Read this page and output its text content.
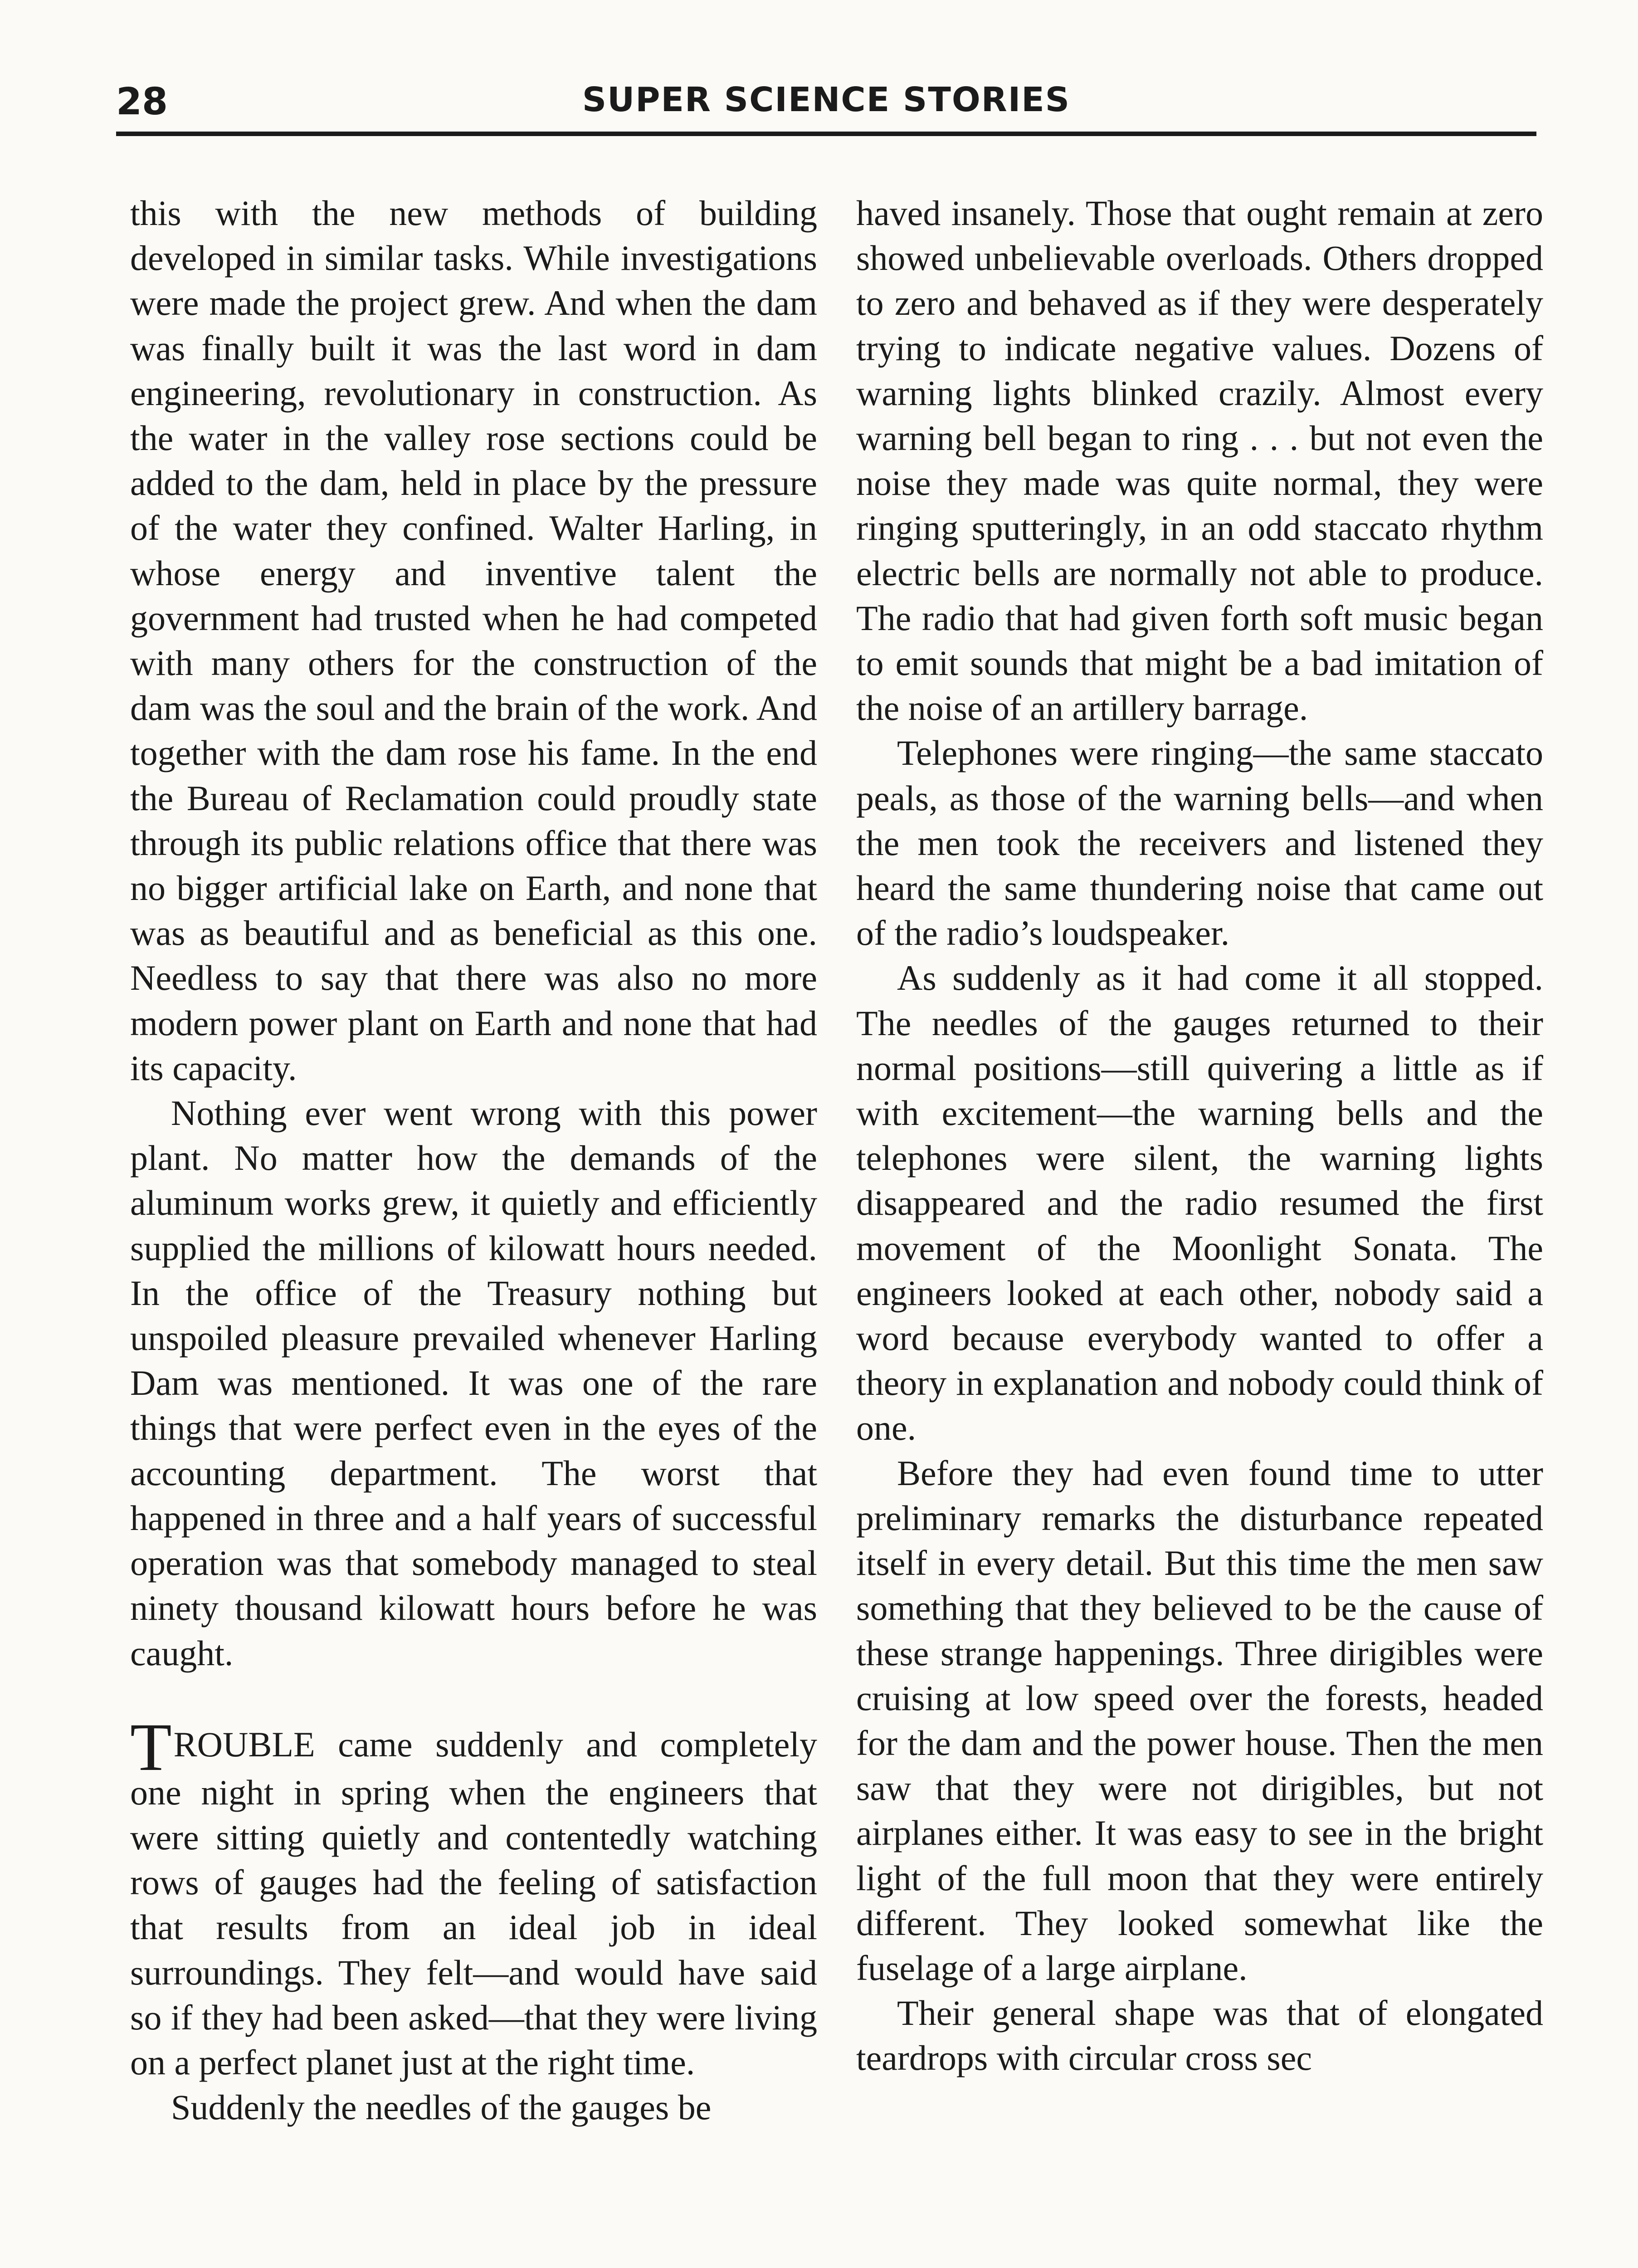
28	SUPER SCIENCE STORIES

this with the new methods of building developed in similar tasks. While investigations were made the project grew. And when the dam was finally built it was the last word in dam engineering, revolutionary in construction. As the water in the valley rose sections could be added to the dam, held in place by the pressure of the water they confined. Walter Harling, in whose energy and inventive talent the government had trusted when he had competed with many others for the construction of the dam was the soul and the brain of the work. And together with the dam rose his fame. In the end the Bureau of Reclamation could proudly state through its public relations office that there was no bigger artificial lake on Earth, and none that was as beautiful and as beneficial as this one. Needless to say that there was also no more modern power plant on Earth and none that had its capacity.

Nothing ever went wrong with this power plant. No matter how the demands of the aluminum works grew, it quietly and efficiently supplied the millions of kilowatt hours needed. In the office of the Treasury nothing but unspoiled pleasure prevailed whenever Harling Dam was mentioned. It was one of the rare things that were perfect even in the eyes of the accounting department. The worst that happened in three and a half years of successful operation was that somebody managed to steal ninety thousand kilowatt hours before he was caught.

TROUBLE came suddenly and completely one night in spring when the engineers that were sitting quietly and contentedly watching rows of gauges had the feeling of satisfaction that results from an ideal job in ideal surroundings. They felt—and would have said so if they had been asked—that they were living on a perfect planet just at the right time.

Suddenly the needles of the gauges be

haved insanely. Those that ought remain at zero showed unbelievable overloads. Others dropped to zero and behaved as if they were desperately trying to indicate negative values. Dozens of warning lights blinked crazily. Almost every warning bell began to ring . . . but not even the noise they made was quite normal, they were ringing sputteringly, in an odd staccato rhythm electric bells are normally not able to produce. The radio that had given forth soft music began to emit sounds that might be a bad imitation of the noise of an artillery barrage.

Telephones were ringing—the same staccato peals, as those of the warning bells—and when the men took the receivers and listened they heard the same thundering noise that came out of the radio’s loudspeaker.

As suddenly as it had come it all stopped. The needles of the gauges returned to their normal positions—still quivering a little as if with excitement—the warning bells and the telephones were silent, the warning lights disappeared and the radio resumed the first movement of the Moonlight Sonata. The engineers looked at each other, nobody said a word because everybody wanted to offer a theory in explanation and nobody could think of one.

Before they had even found time to utter preliminary remarks the disturbance repeated itself in every detail. But this time the men saw something that they believed to be the cause of these strange happenings. Three dirigibles were cruising at low speed over the forests, headed for the dam and the power house. Then the men saw that they were not dirigibles, but not airplanes either. It was easy to see in the bright light of the full moon that they were entirely different. They looked somewhat like the fuselage of a large airplane.

Their general shape was that of elongated teardrops with circular cross sec
